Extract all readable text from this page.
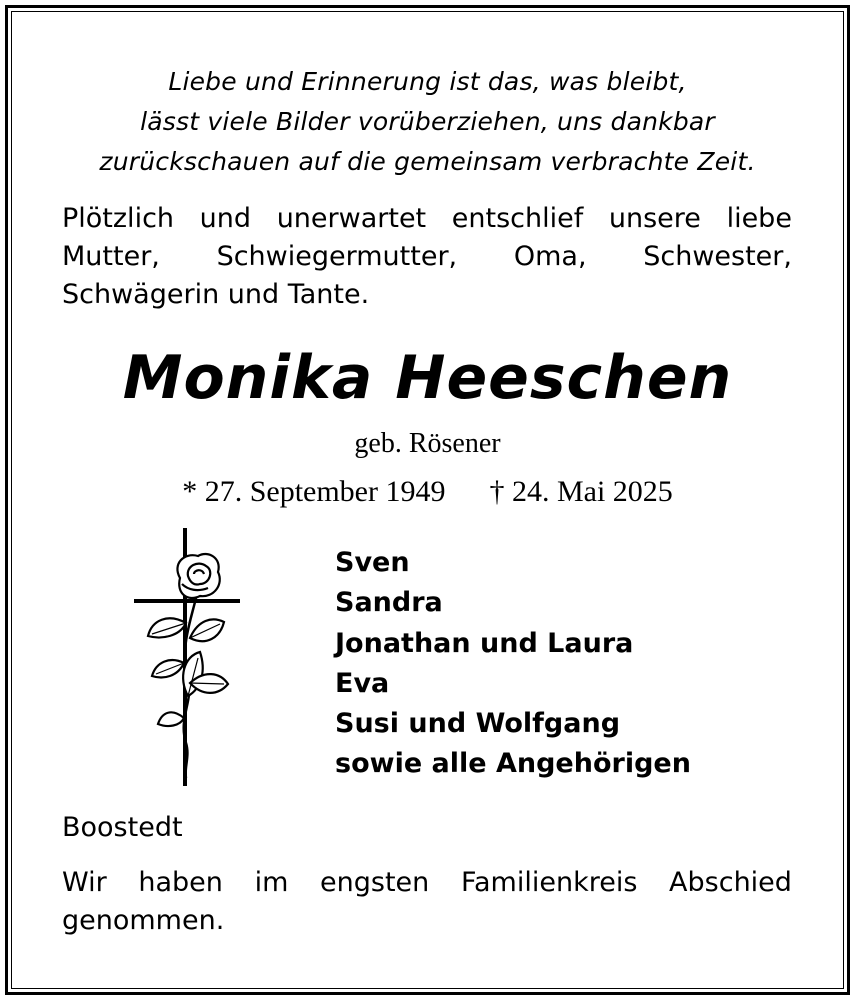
Liebe und Erinnerung ist das, was bleibt,
lässt viele Bilder vorüberziehen, uns dankbar
zurückschauen auf die gemeinsam verbrachte Zeit.
Plötzlich und unerwartet entschlief unsere liebe
Mutter, Schwiegermutter, Oma, Schwester,
Schwägerin und Tante.
Monika Heeschen
geb. Rösener
* 27. September 1949 † 24. Mai 2025
Sven
Sandra
Jonathan und Laura
Eva
Susi und Wolfgang
sowie alle Angehörigen
Boostedt
Wir haben im engsten Familienkreis Abschied
genommen.
